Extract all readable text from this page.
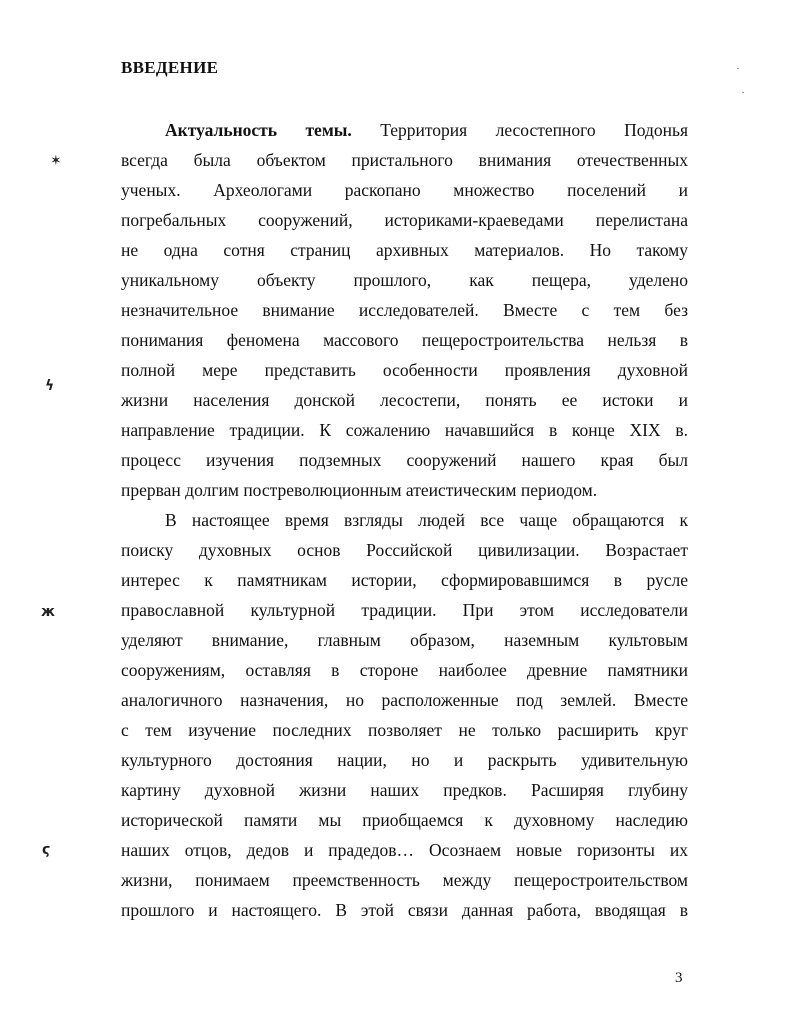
✶
ϟ
ж
ϛ
ВВЕДЕНИЕ
Актуальность темы. Территория лесостепного Подонья
всегда была объектом пристального внимания отечественных
ученых. Археологами раскопано множество поселений и
погребальных сооружений, историками-краеведами перелистана
не одна сотня страниц архивных материалов. Но такому
уникальному объекту прошлого, как пещера, уделено
незначительное внимание исследователей. Вместе с тем без
понимания феномена массового пещеростроительства нельзя в
полной мере представить особенности проявления духовной
жизни населения донской лесостепи, понять ее истоки и
направление традиции. К сожалению начавшийся в конце XIX в.
процесс изучения подземных сооружений нашего края был
прерван долгим постреволюционным атеистическим периодом.
В настоящее время взгляды людей все чаще обращаются к
поиску духовных основ Российской цивилизации. Возрастает
интерес к памятникам истории, сформировавшимся в русле
православной культурной традиции. При этом исследователи
уделяют внимание, главным образом, наземным культовым
сооружениям, оставляя в стороне наиболее древние памятники
аналогичного назначения, но расположенные под землей. Вместе
с тем изучение последних позволяет не только расширить круг
культурного достояния нации, но и раскрыть удивительную
картину духовной жизни наших предков. Расширяя глубину
исторической памяти мы приобщаемся к духовному наследию
наших отцов, дедов и прадедов… Осознаем новые горизонты их
жизни, понимаем преемственность между пещеростроительством
прошлого и настоящего. В этой связи данная работа, вводящая в
3
